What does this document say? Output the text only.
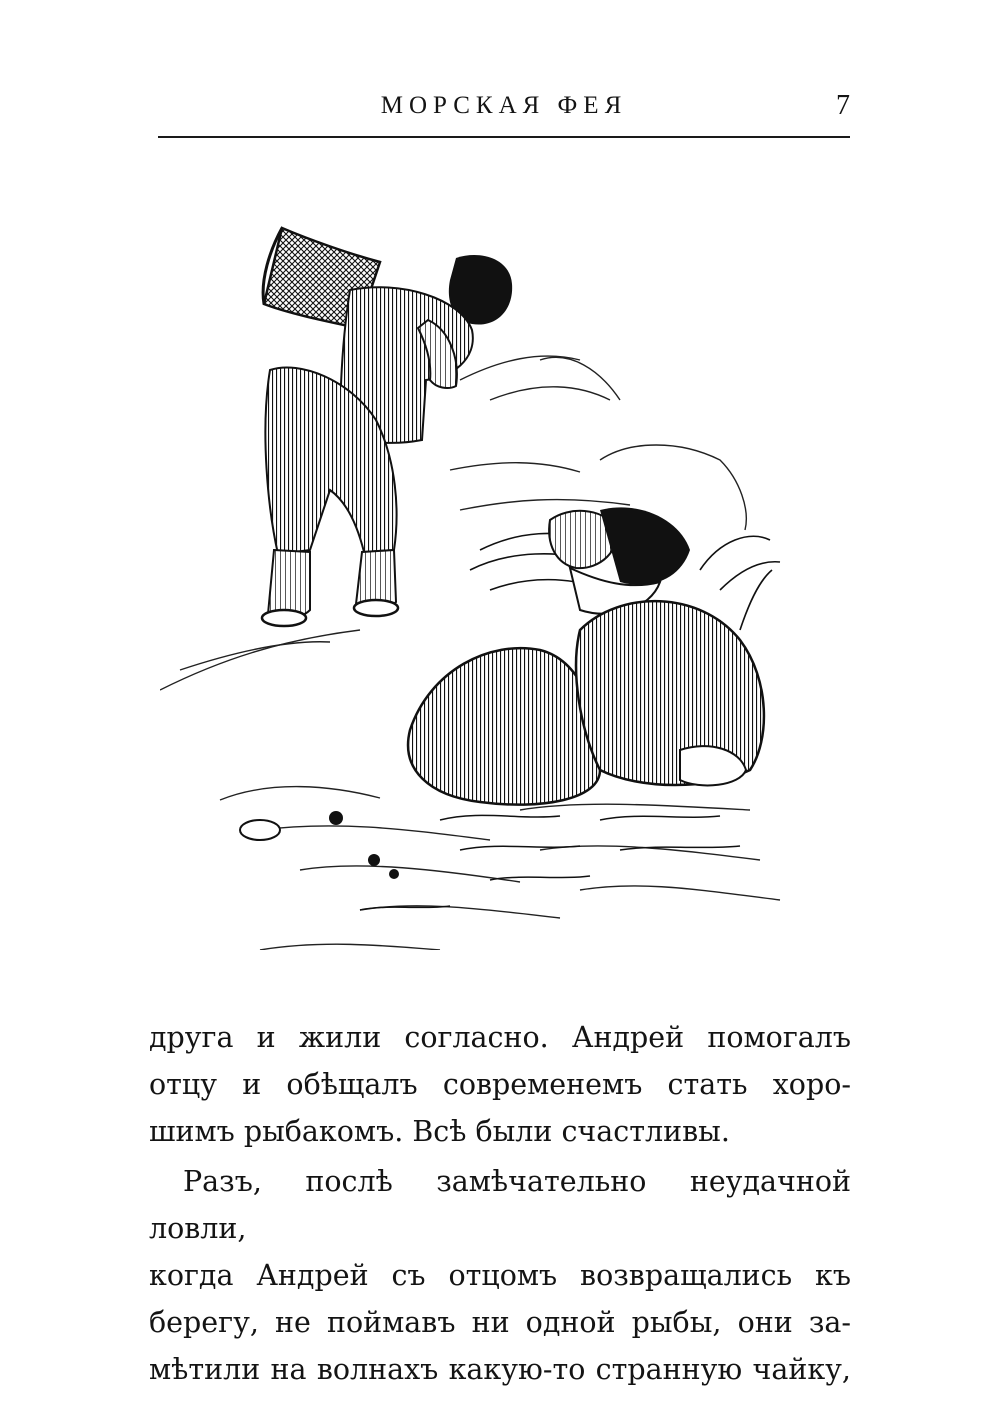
МОРСКАЯ ФЕЯ	7
друга и жили согласно. Андрей помогалъ
отцу и обѣщалъ современемъ стать хоро-
шимъ рыбакомъ. Всѣ были счастливы.
Разъ, послѣ замѣчательно неудачной ловли,
когда Андрей съ отцомъ возвращались къ
берегу, не поймавъ ни одной рыбы, они за-
мѣтили на волнахъ какую-то странную чайку,
